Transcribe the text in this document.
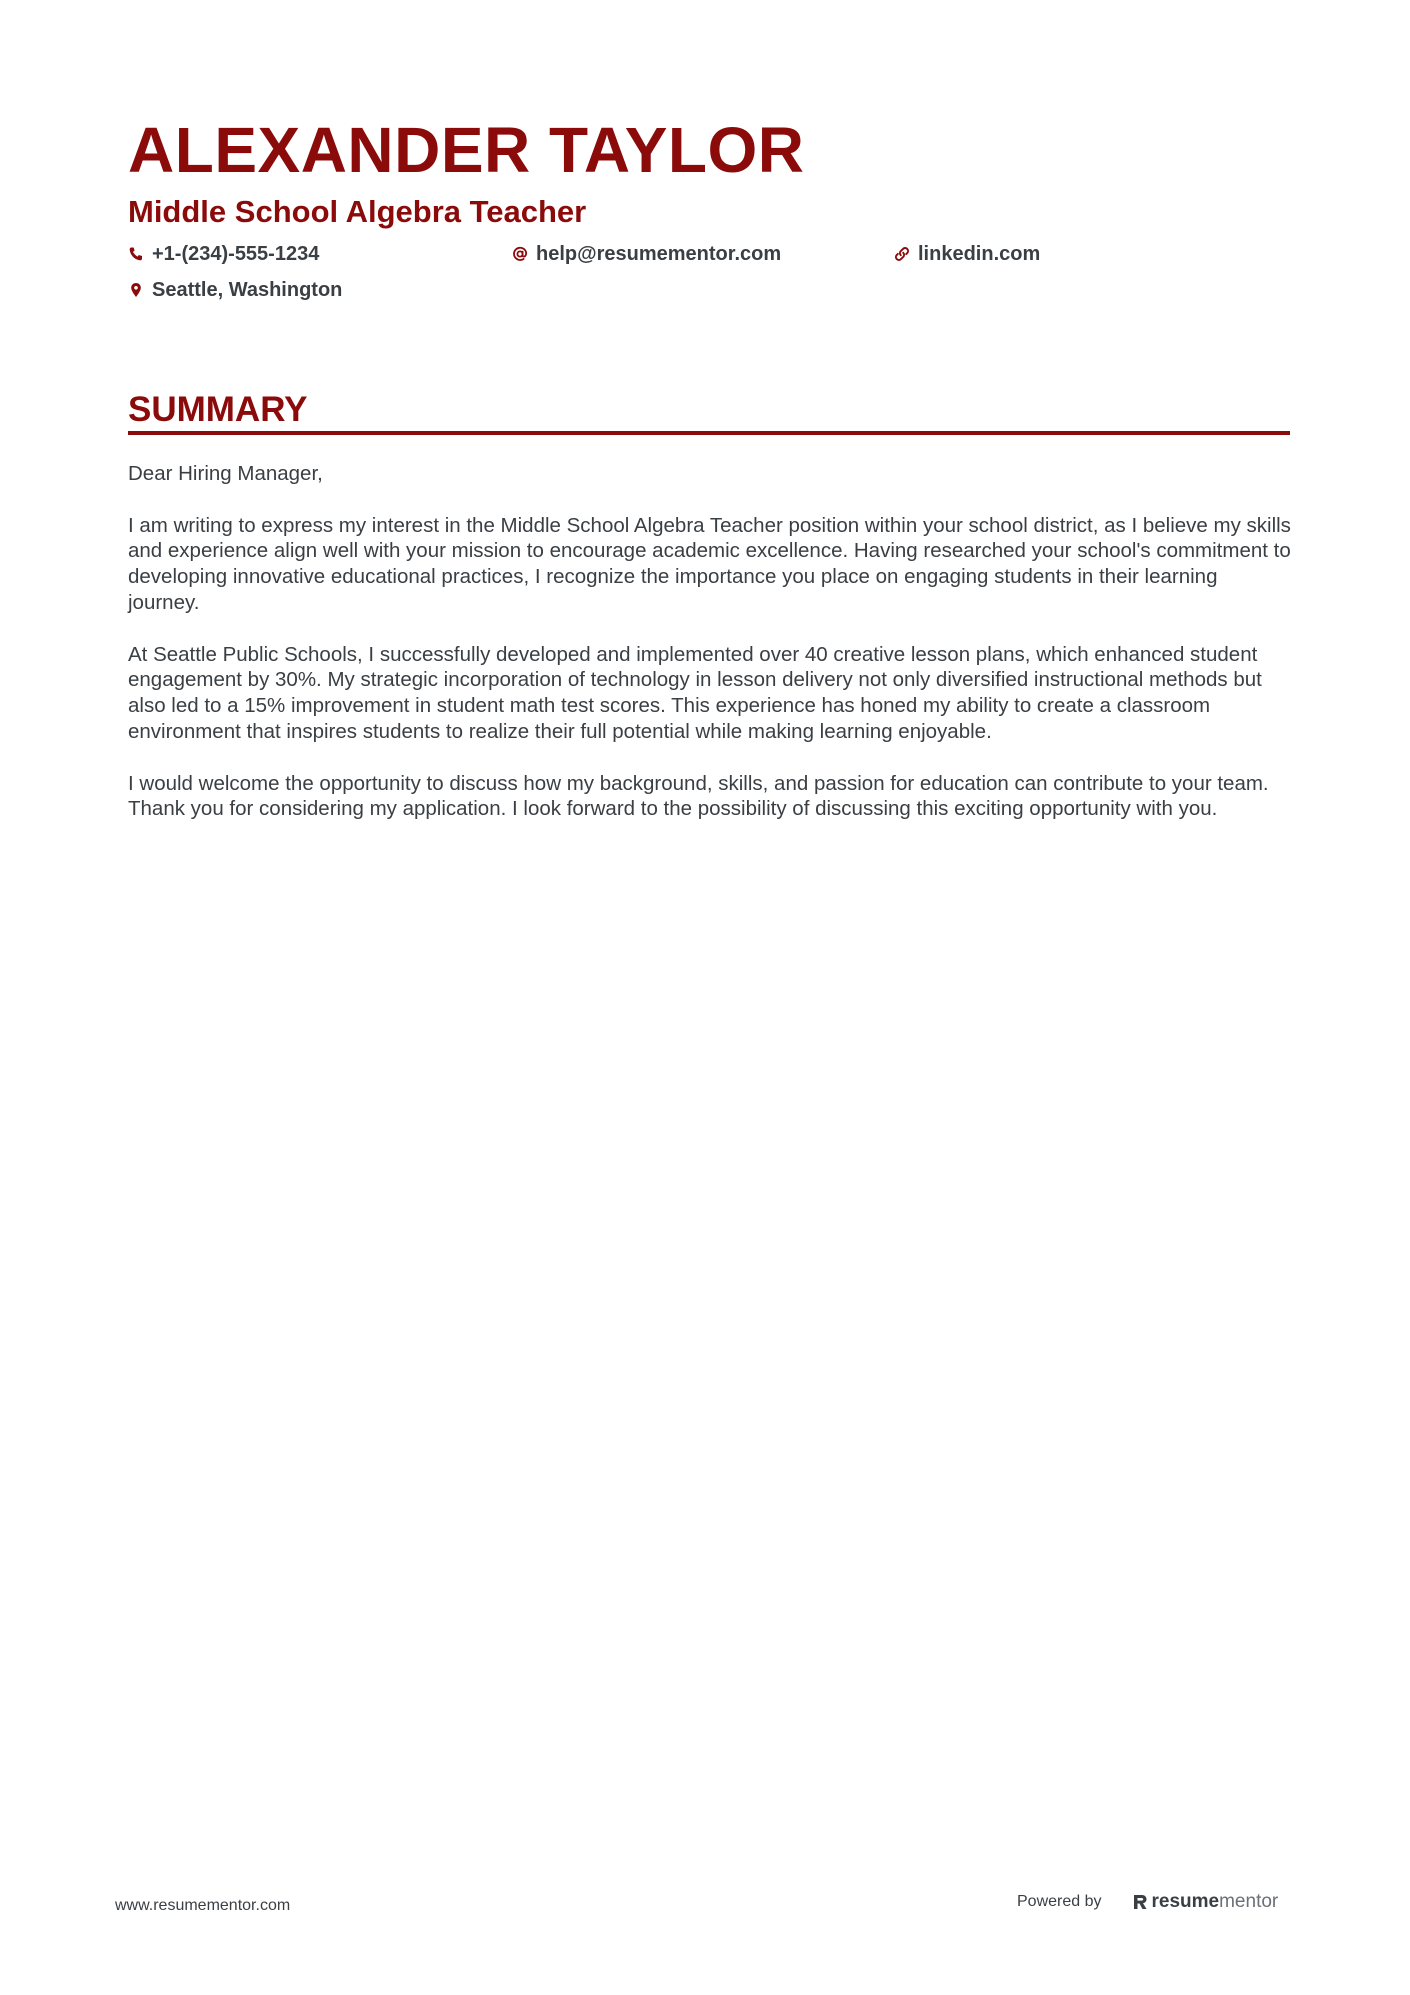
ALEXANDER TAYLOR
Middle School Algebra Teacher
+1-(234)-555-1234	help@resumementor.com	linkedin.com
Seattle, Washington
SUMMARY

Dear Hiring Manager,

I am writing to express my interest in the Middle School Algebra Teacher position within your school district, as I believe my skills and experience align well with your mission to encourage academic excellence. Having researched your school's commitment to developing innovative educational practices, I recognize the importance you place on engaging students in their learning journey.

At Seattle Public Schools, I successfully developed and implemented over 40 creative lesson plans, which enhanced student engagement by 30%. My strategic incorporation of technology in lesson delivery not only diversified instructional methods but also led to a 15% improvement in student math test scores. This experience has honed my ability to create a classroom environment that inspires students to realize their full potential while making learning enjoyable.

I would welcome the opportunity to discuss how my background, skills, and passion for education can contribute to your team. Thank you for considering my application. I look forward to the possibility of discussing this exciting opportunity with you.

www.resumementor.com	Powered by	resumementor
